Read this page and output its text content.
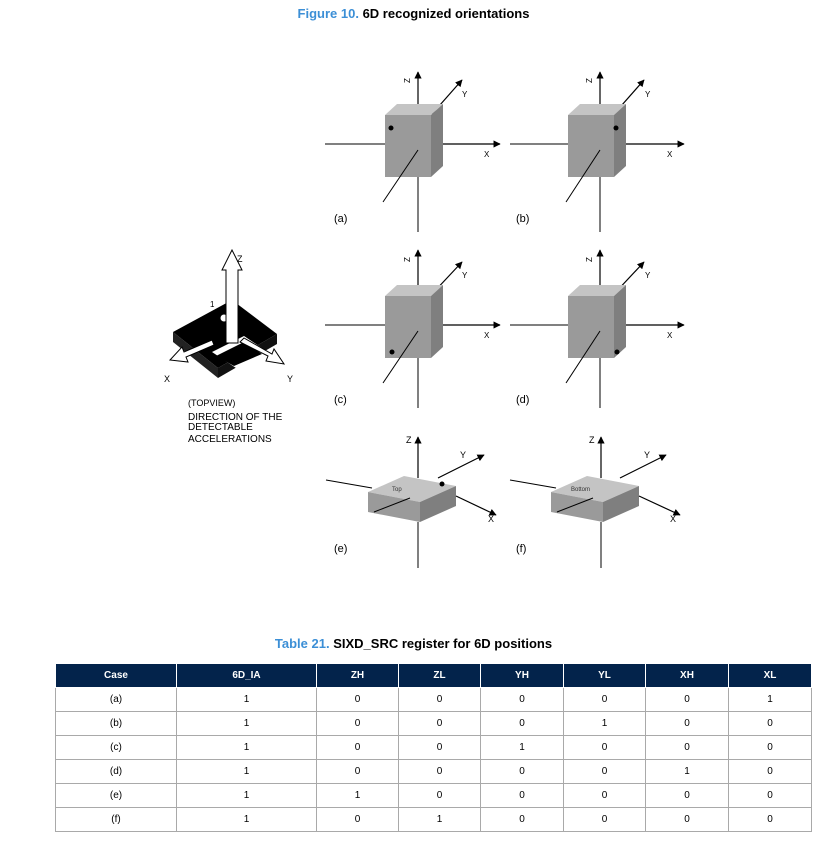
Figure 10. 6D recognized orientations
1
Z
X	Y
(TOPVIEW)
DIRECTION OF THE
DETECTABLE
ACCELERATIONS
Z
Y
X
(a)
Z
Y
X
(b)
Z
Y
X
(c)
Z
Y
X
(d)
Top
Z
Y
X
(e)
Bottom
Z
Y
X
(f)
Table 21. SIXD_SRC register for 6D positions
Case	6D_IA	ZH	ZL	YH	YL	XH	XL
(a)	1	0	0	0	0	0	1
(b)	1	0	0	0	1	0	0
(c)	1	0	0	1	0	0	0
(d)	1	0	0	0	0	1	0
(e)	1	1	0	0	0	0	0
(f)	1	0	1	0	0	0	0
